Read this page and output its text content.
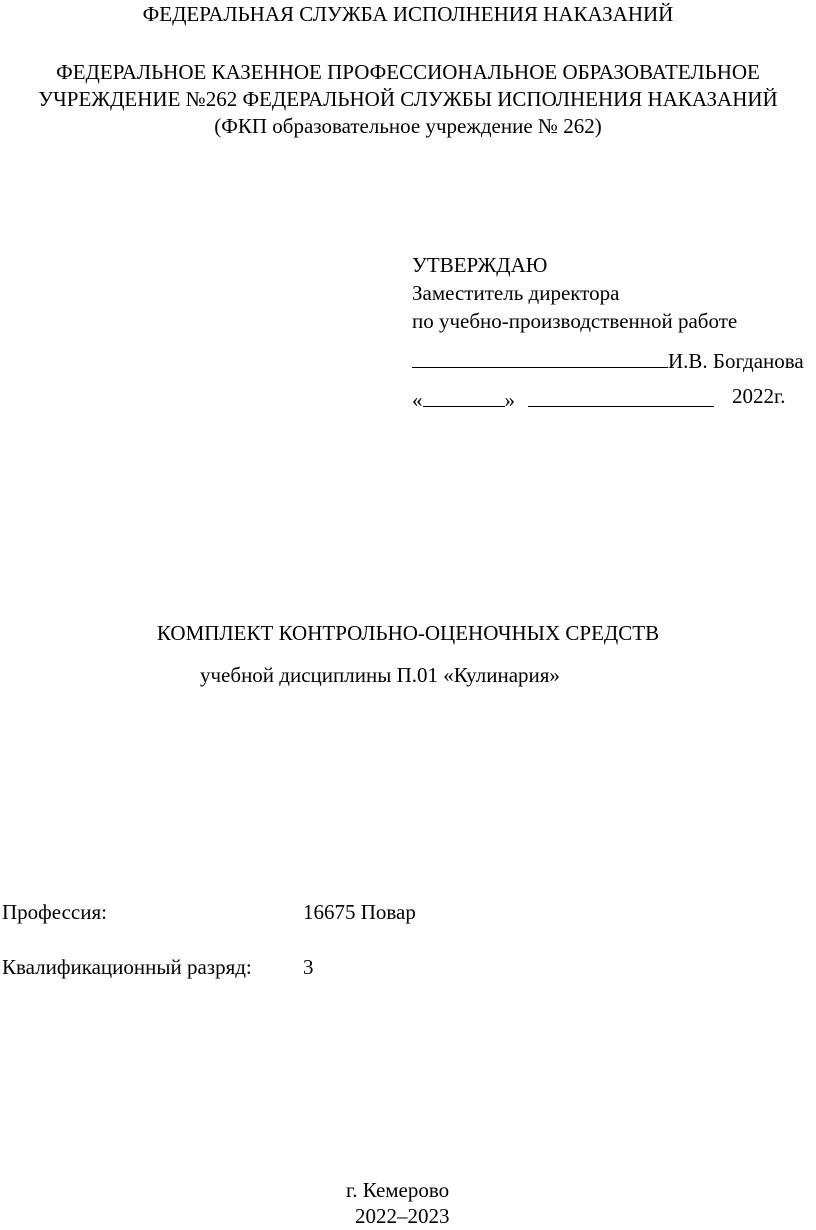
ФЕДЕРАЛЬНАЯ СЛУЖБА ИСПОЛНЕНИЯ НАКАЗАНИЙ
ФЕДЕРАЛЬНОЕ КАЗЕННОЕ ПРОФЕССИОНАЛЬНОЕ ОБРАЗОВАТЕЛЬНОЕ
УЧРЕЖДЕНИЕ №262 ФЕДЕРАЛЬНОЙ СЛУЖБЫ ИСПОЛНЕНИЯ НАКАЗАНИЙ
(ФКП образовательное учреждение № 262)
УТВЕРЖДАЮ
Заместитель директора
по учебно-производственной работе
И.В. Богданова
«	»	2022г.
КОМПЛЕКТ КОНТРОЛЬНО-ОЦЕНОЧНЫХ СРЕДСТВ
учебной дисциплины П.01 «Кулинария»
Профессия:	16675 Повар
Квалификационный разряд: 3
г. Кемерово
2022–2023
